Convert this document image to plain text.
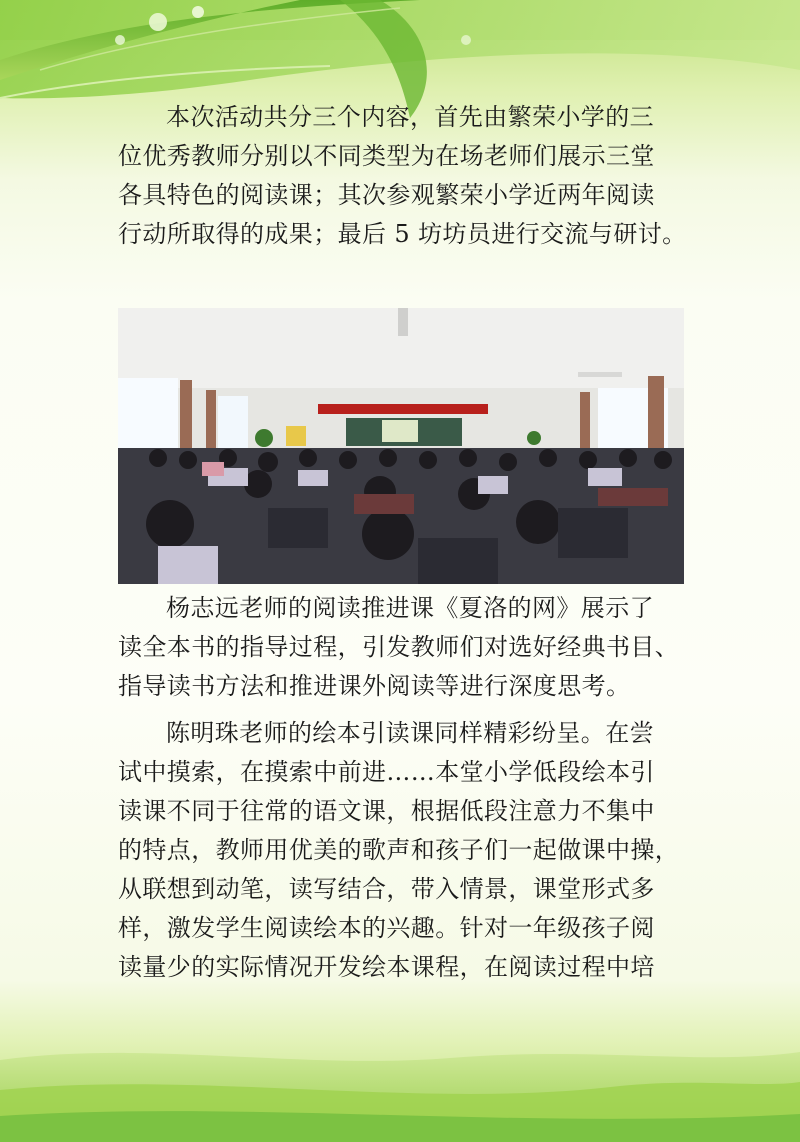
本次活动共分三个内容，首先由繁荣小学的三
位优秀教师分别以不同类型为在场老师们展示三堂
各具特色的阅读课；其次参观繁荣小学近两年阅读
行动所取得的成果；最后 5 坊坊员进行交流与研讨。
杨志远老师的阅读推进课《夏洛的网》展示了
读全本书的指导过程，引发教师们对选好经典书目、
指导读书方法和推进课外阅读等进行深度思考。
陈明珠老师的绘本引读课同样精彩纷呈。在尝
试中摸索，在摸索中前进……本堂小学低段绘本引
读课不同于往常的语文课，根据低段注意力不集中
的特点，教师用优美的歌声和孩子们一起做课中操，
从联想到动笔，读写结合，带入情景，课堂形式多
样，激发学生阅读绘本的兴趣。针对一年级孩子阅
读量少的实际情况开发绘本课程，在阅读过程中培
